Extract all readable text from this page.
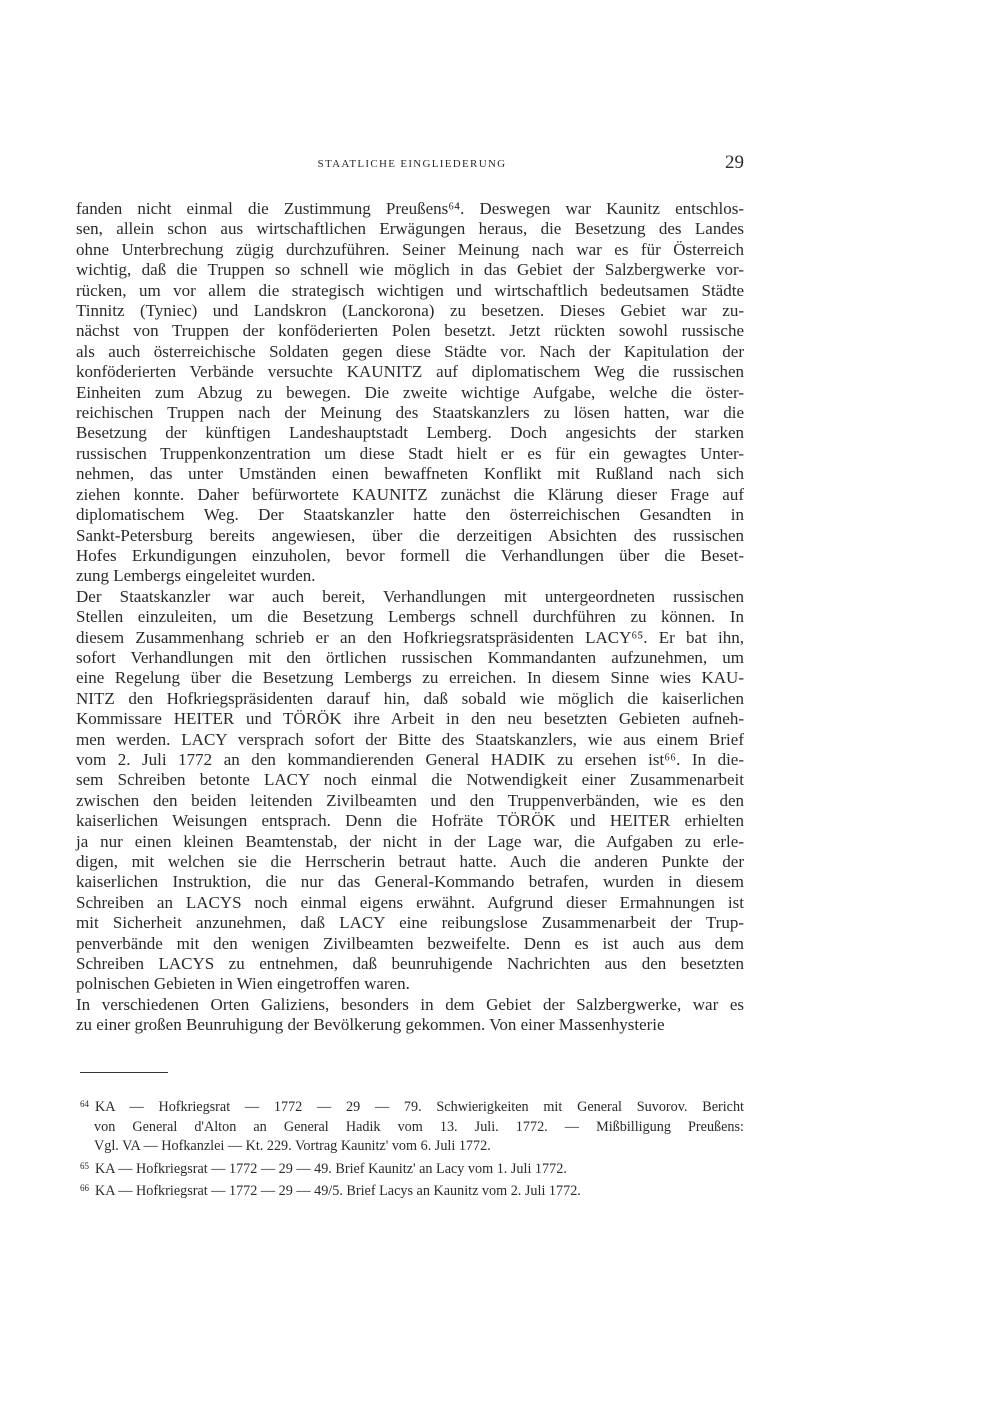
STAATLICHE EINGLIEDERUNG	29
fanden nicht einmal die Zustimmung Preußens⁶⁴. Deswegen war Kaunitz entschlos-
sen, allein schon aus wirtschaftlichen Erwägungen heraus, die Besetzung des Landes
ohne Unterbrechung zügig durchzuführen. Seiner Meinung nach war es für Österreich
wichtig, daß die Truppen so schnell wie möglich in das Gebiet der Salzbergwerke vor-
rücken, um vor allem die strategisch wichtigen und wirtschaftlich bedeutsamen Städte
Tinnitz (Tyniec) und Landskron (Lanckorona) zu besetzen. Dieses Gebiet war zu-
nächst von Truppen der konföderierten Polen besetzt. Jetzt rückten sowohl russische
als auch österreichische Soldaten gegen diese Städte vor. Nach der Kapitulation der
konföderierten Verbände versuchte KAUNITZ auf diplomatischem Weg die russischen
Einheiten zum Abzug zu bewegen. Die zweite wichtige Aufgabe, welche die öster-
reichischen Truppen nach der Meinung des Staatskanzlers zu lösen hatten, war die
Besetzung der künftigen Landeshauptstadt Lemberg. Doch angesichts der starken
russischen Truppenkonzentration um diese Stadt hielt er es für ein gewagtes Unter-
nehmen, das unter Umständen einen bewaffneten Konflikt mit Rußland nach sich
ziehen konnte. Daher befürwortete KAUNITZ zunächst die Klärung dieser Frage auf
diplomatischem Weg. Der Staatskanzler hatte den österreichischen Gesandten in
Sankt-Petersburg bereits angewiesen, über die derzeitigen Absichten des russischen
Hofes Erkundigungen einzuholen, bevor formell die Verhandlungen über die Beset-
zung Lembergs eingeleitet wurden.
Der Staatskanzler war auch bereit, Verhandlungen mit untergeordneten russischen
Stellen einzuleiten, um die Besetzung Lembergs schnell durchführen zu können. In
diesem Zusammenhang schrieb er an den Hofkriegsratspräsidenten LACY⁶⁵. Er bat ihn,
sofort Verhandlungen mit den örtlichen russischen Kommandanten aufzunehmen, um
eine Regelung über die Besetzung Lembergs zu erreichen. In diesem Sinne wies KAU-
NITZ den Hofkriegspräsidenten darauf hin, daß sobald wie möglich die kaiserlichen
Kommissare HEITER und TÖRÖK ihre Arbeit in den neu besetzten Gebieten aufneh-
men werden. LACY versprach sofort der Bitte des Staatskanzlers, wie aus einem Brief
vom 2. Juli 1772 an den kommandierenden General HADIK zu ersehen ist⁶⁶. In die-
sem Schreiben betonte LACY noch einmal die Notwendigkeit einer Zusammenarbeit
zwischen den beiden leitenden Zivilbeamten und den Truppenverbänden, wie es den
kaiserlichen Weisungen entsprach. Denn die Hofräte TÖRÖK und HEITER erhielten
ja nur einen kleinen Beamtenstab, der nicht in der Lage war, die Aufgaben zu erle-
digen, mit welchen sie die Herrscherin betraut hatte. Auch die anderen Punkte der
kaiserlichen Instruktion, die nur das General-Kommando betrafen, wurden in diesem
Schreiben an LACYS noch einmal eigens erwähnt. Aufgrund dieser Ermahnungen ist
mit Sicherheit anzunehmen, daß LACY eine reibungslose Zusammenarbeit der Trup-
penverbände mit den wenigen Zivilbeamten bezweifelte. Denn es ist auch aus dem
Schreiben LACYS zu entnehmen, daß beunruhigende Nachrichten aus den besetzten
polnischen Gebieten in Wien eingetroffen waren.
In verschiedenen Orten Galiziens, besonders in dem Gebiet der Salzbergwerke, war es
zu einer großen Beunruhigung der Bevölkerung gekommen. Von einer Massenhysterie
$^{64}$ KA — Hofkriegsrat — 1772 — 29 — 79. Schwierigkeiten mit General Suvorov. Bericht
von General d'Alton an General Hadik vom 13. Juli. 1772. — Mißbilligung Preußens:
Vgl. VA — Hofkanzlei — Kt. 229. Vortrag Kaunitz' vom 6. Juli 1772.
$^{65}$ KA — Hofkriegsrat — 1772 — 29 — 49. Brief Kaunitz' an Lacy vom 1. Juli 1772.
$^{66}$ KA — Hofkriegsrat — 1772 — 29 — 49/5. Brief Lacys an Kaunitz vom 2. Juli 1772.
